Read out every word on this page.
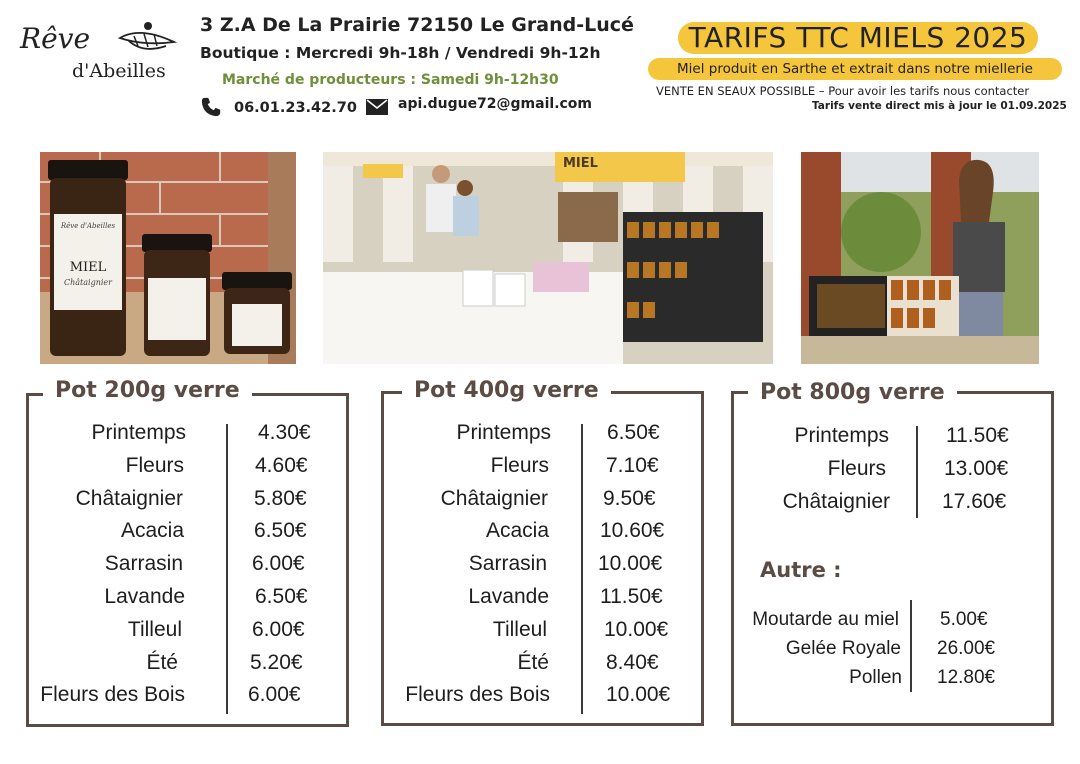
Rêve
d'Abeilles
3 Z.A De La Prairie 72150 Le Grand-Lucé
Boutique : Mercredi 9h-18h / Vendredi 9h-12h
Marché de producteurs : Samedi 9h-12h30
06.01.23.42.70	api.dugue72@gmail.com
TARIFS TTC MIELS 2025
Miel produit en Sarthe et extrait dans notre miellerie
VENTE EN SEAUX POSSIBLE – Pour avoir les tarifs nous contacter
Tarifs vente direct mis à jour le 01.09.2025
Rêve d'Abeilles
MIEL
Châtaignier
MIEL
Pot 200g verre
Printemps	4.30€
Fleurs	4.60€
Châtaignier	5.80€
Acacia	6.50€
Sarrasin	6.00€
Lavande	6.50€
Tilleul	6.00€
Été	5.20€
Fleurs des Bois	6.00€
Pot 400g verre
Printemps	6.50€
Fleurs	7.10€
Châtaignier	9.50€
Acacia 10.60€
Sarrasin 10.00€
Lavande 11.50€
Tilleul	10.00€
Été	8.40€
Fleurs des Bois	10.00€
Pot 800g verre
Printemps	11.50€
Fleurs	13.00€
Châtaignier 17.60€
Autre :
Moutarde au miel 5.00€
Gelée Royale 26.00€
Pollen 12.80€
